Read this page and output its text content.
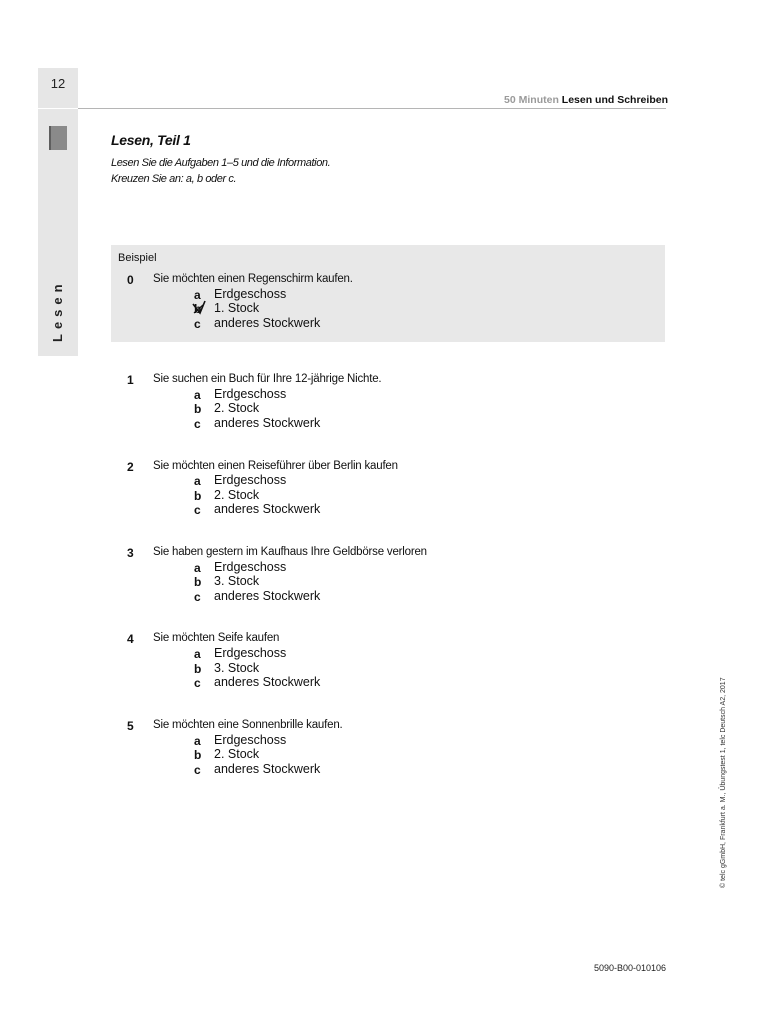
12
Lesen
50 Minuten Lesen und Schreiben
Lesen, Teil 1
Lesen Sie die Aufgaben 1–5 und die Information.
Kreuzen Sie an: a, b oder c.
Beispiel
0 Sie möchten einen Regenschirm kaufen.
a	Erdgeschoss
b	1. Stock
c	anderes Stockwerk
1 Sie suchen ein Buch für Ihre 12-jährige Nichte.
a	Erdgeschoss
b	2. Stock
c	anderes Stockwerk
2 Sie möchten einen Reiseführer über Berlin kaufen
a	Erdgeschoss
b	2. Stock
c	anderes Stockwerk
3 Sie haben gestern im Kaufhaus Ihre Geldbörse verloren
a	Erdgeschoss
b	3. Stock
c	anderes Stockwerk
4 Sie möchten Seife kaufen
a	Erdgeschoss
b	3. Stock
c	anderes Stockwerk
5 Sie möchten eine Sonnenbrille kaufen.
a	Erdgeschoss
b	2. Stock
c	anderes Stockwerk	© telc gGmbH, Frankfurt a. M., Übungstest 1, telc Deutsch A2, 2017
5090-B00-010106
